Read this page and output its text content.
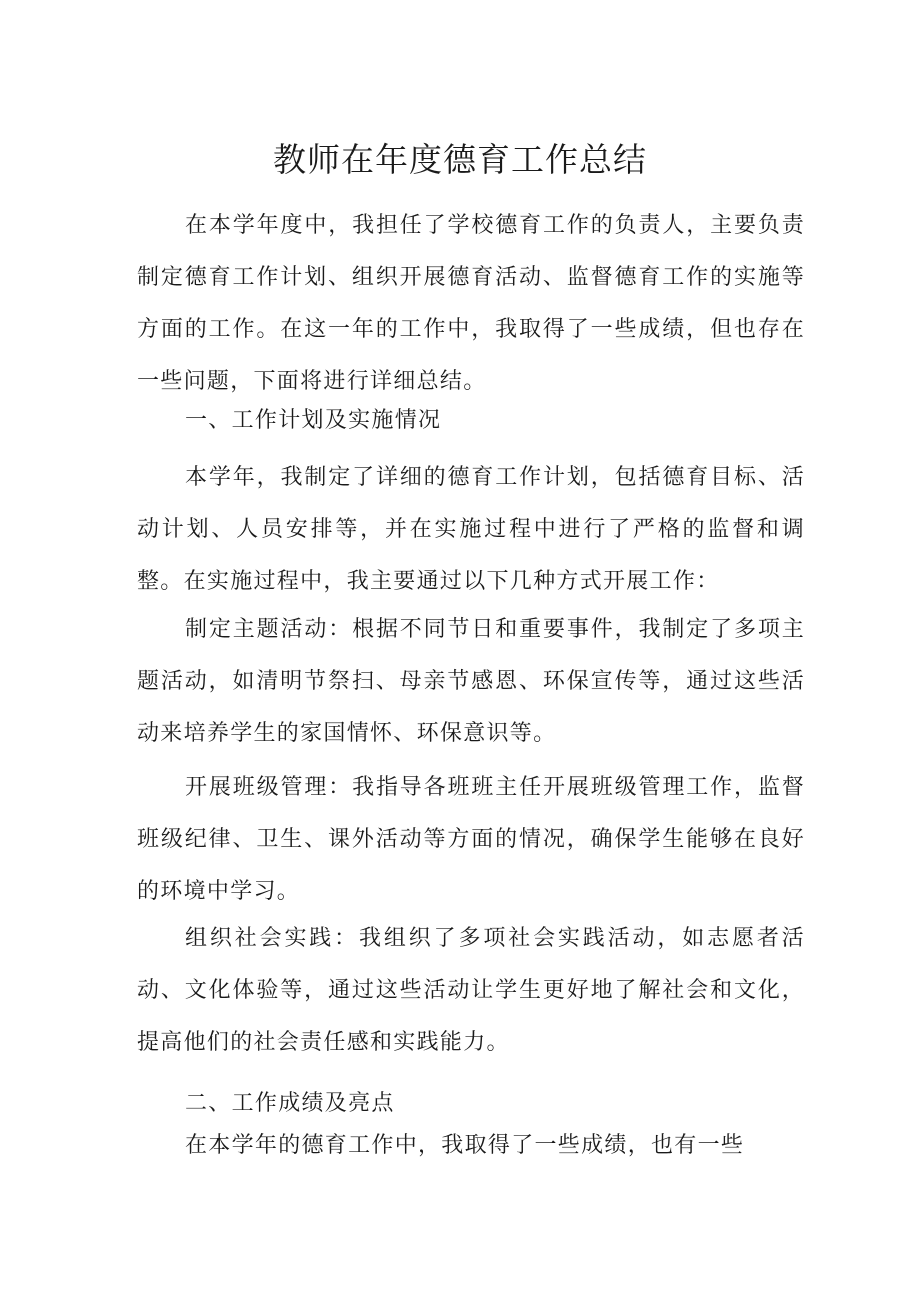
教师在年度德育工作总结

在本学年度中，我担任了学校德育工作的负责人，主要负责制定德育工作计划、组织开展德育活动、监督德育工作的实施等方面的工作。在这一年的工作中，我取得了一些成绩，但也存在一些问题，下面将进行详细总结。

一、工作计划及实施情况

本学年，我制定了详细的德育工作计划，包括德育目标、活动计划、人员安排等，并在实施过程中进行了严格的监督和调整。在实施过程中，我主要通过以下几种方式开展工作：

制定主题活动：根据不同节日和重要事件，我制定了多项主题活动，如清明节祭扫、母亲节感恩、环保宣传等，通过这些活动来培养学生的家国情怀、环保意识等。

开展班级管理：我指导各班班主任开展班级管理工作，监督班级纪律、卫生、课外活动等方面的情况，确保学生能够在良好的环境中学习。

组织社会实践：我组织了多项社会实践活动，如志愿者活动、文化体验等，通过这些活动让学生更好地了解社会和文化，提高他们的社会责任感和实践能力。

二、工作成绩及亮点

在本学年的德育工作中，我取得了一些成绩，也有一些
